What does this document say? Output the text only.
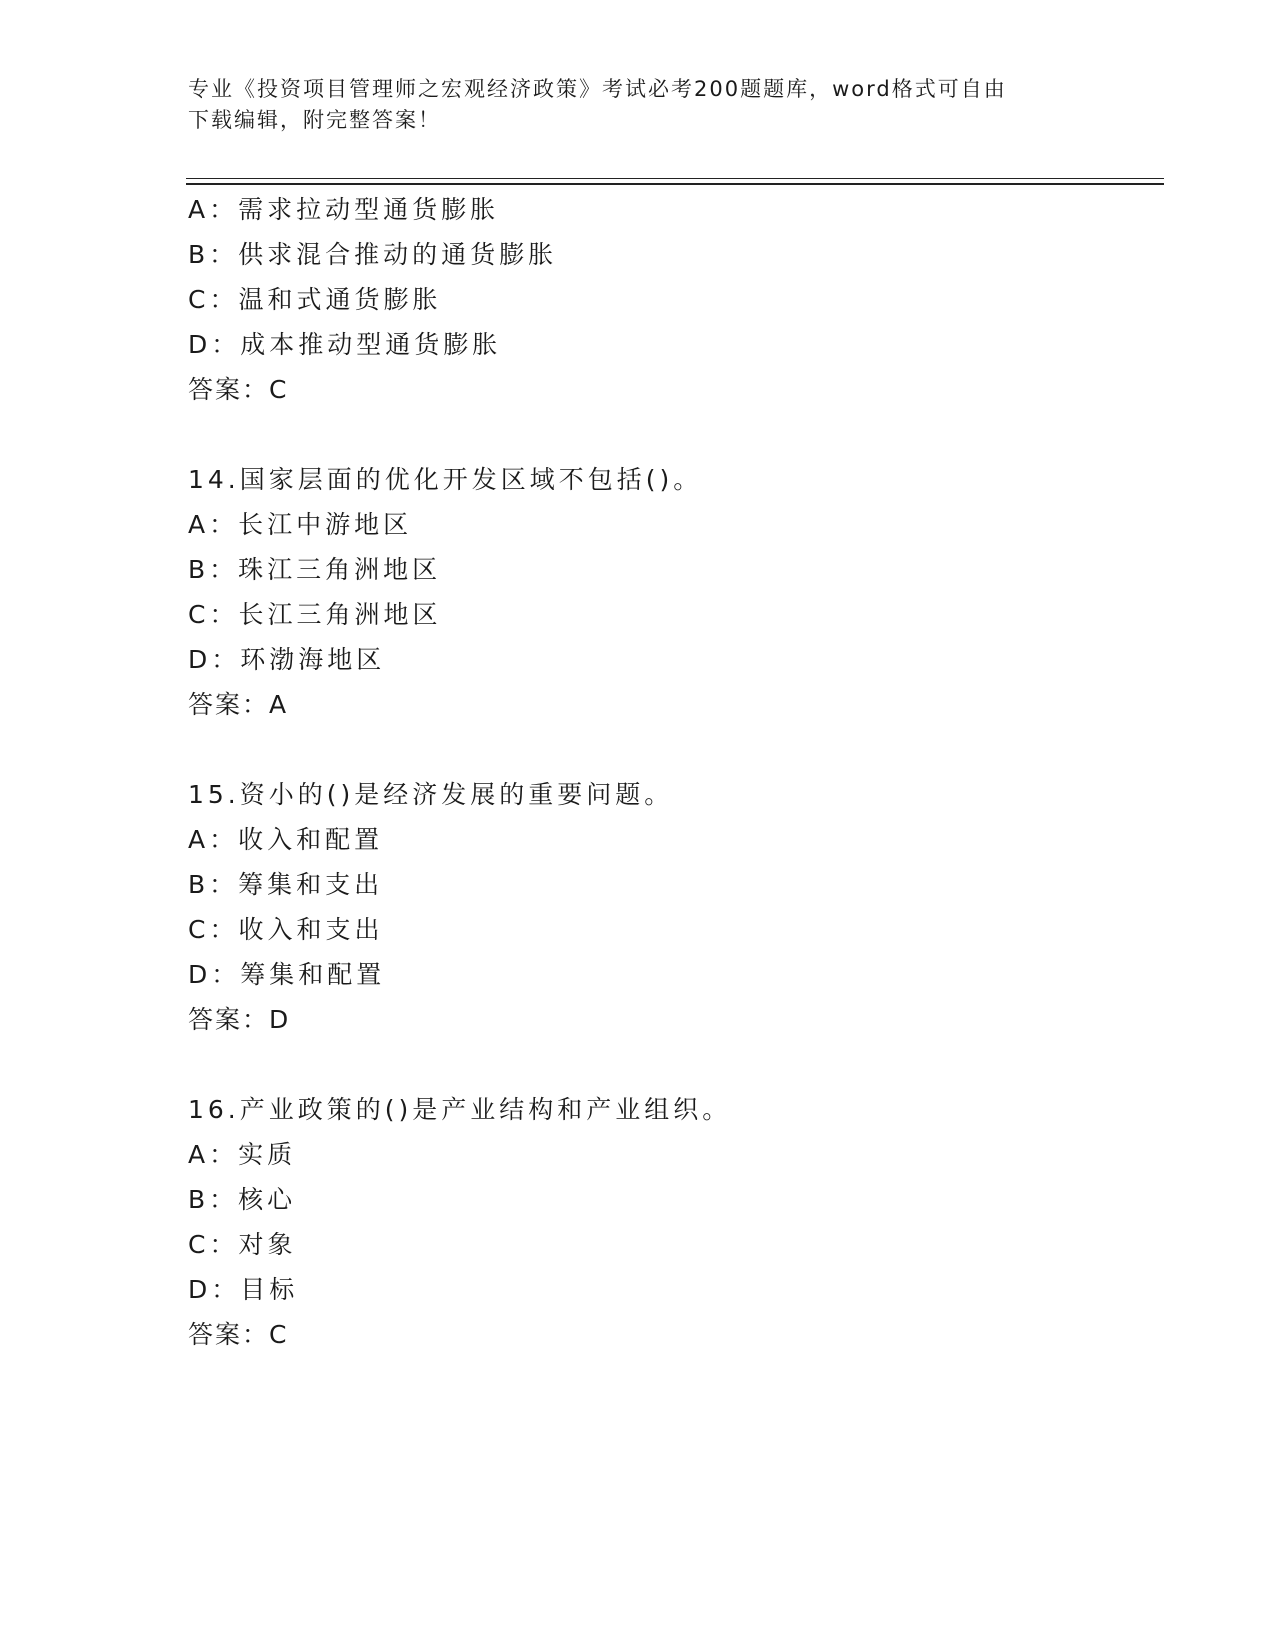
专业《投资项目管理师之宏观经济政策》考试必考200题题库，word格式可自由
下载编辑，附完整答案！
A：需求拉动型通货膨胀
B：供求混合推动的通货膨胀
C：温和式通货膨胀
D：成本推动型通货膨胀
答案：C
14.国家层面的优化开发区域不包括()。
A：长江中游地区
B：珠江三角洲地区
C：长江三角洲地区
D：环渤海地区
答案：A
15.资小的()是经济发展的重要问题。
A：收入和配置
B：筹集和支出
C：收入和支出
D：筹集和配置
答案：D
16.产业政策的()是产业结构和产业组织。
A：实质
B：核心
C：对象
D：目标
答案：C
